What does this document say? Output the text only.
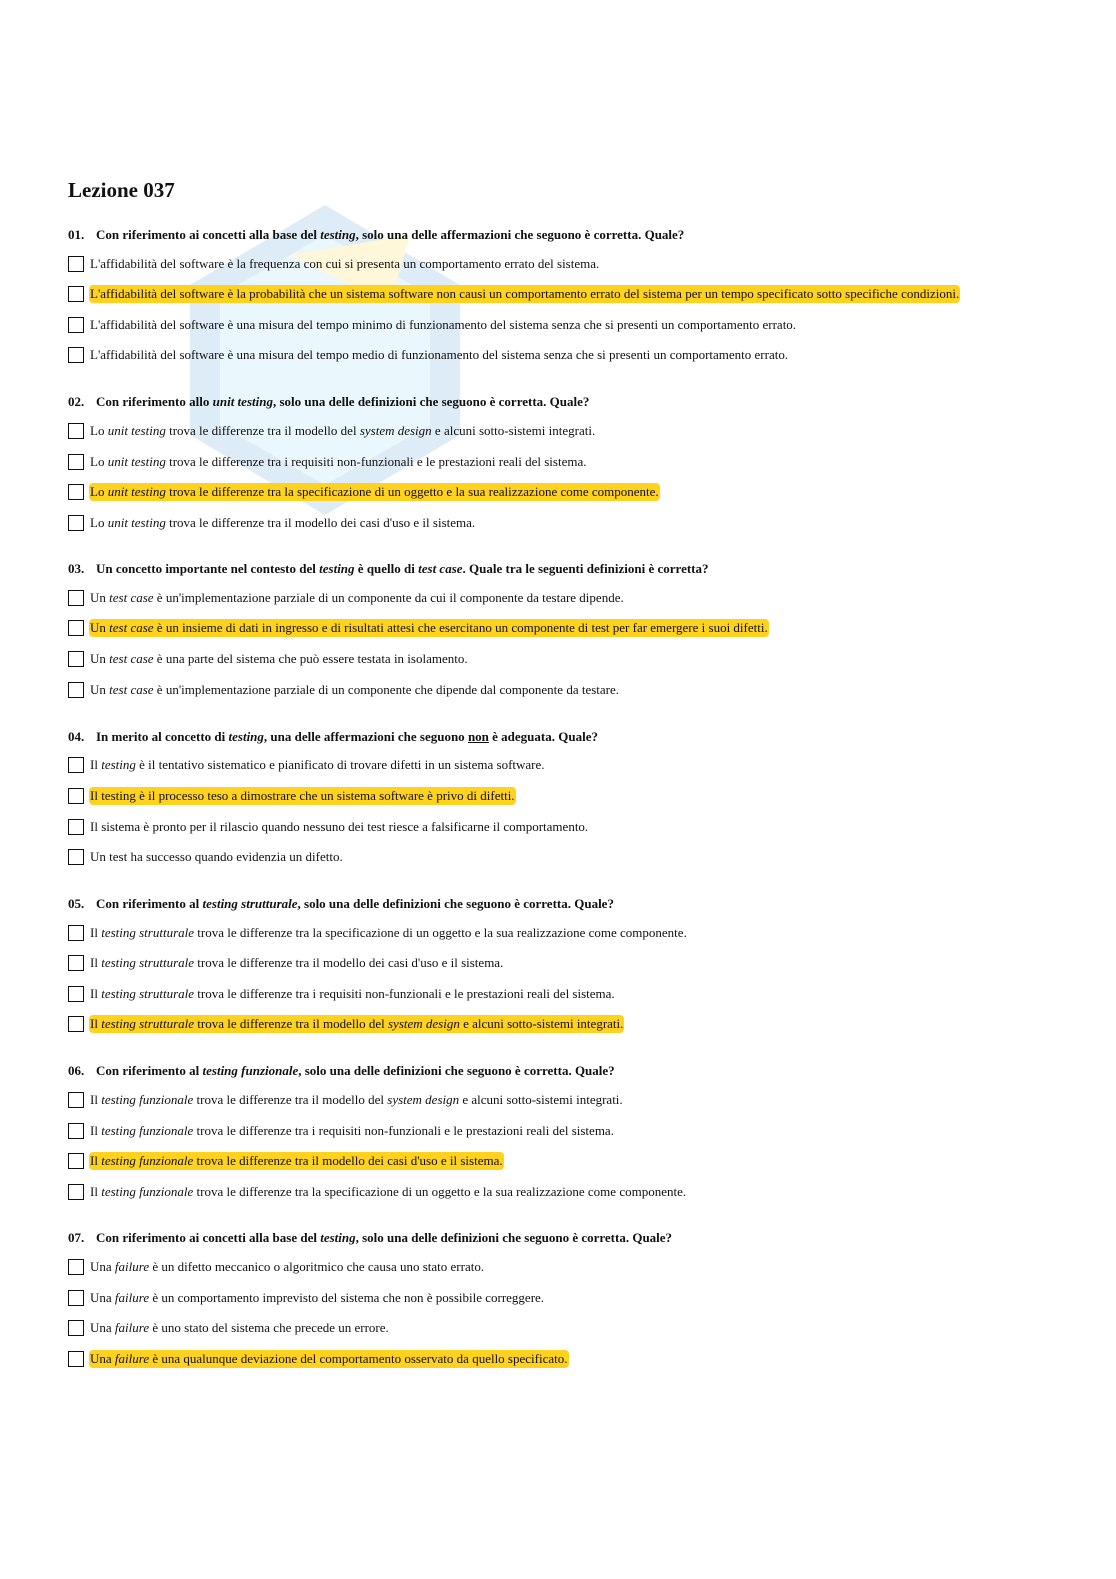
Lezione 037

01. Con riferimento ai concetti alla base del testing, solo una delle affermazioni che seguono è corretta. Quale?

L'affidabilità del software è la frequenza con cui si presenta un comportamento errato del sistema.
L'affidabilità del software è la probabilità che un sistema software non causi un comportamento errato del sistema per un tempo specificato sotto specifiche condizioni.
L'affidabilità del software è una misura del tempo minimo di funzionamento del sistema senza che si presenti un comportamento errato.
L'affidabilità del software è una misura del tempo medio di funzionamento del sistema senza che si presenti un comportamento errato.

02. Con riferimento allo unit testing, solo una delle definizioni che seguono è corretta. Quale?

Lo unit testing trova le differenze tra il modello del system design e alcuni sotto-sistemi integrati.
Lo unit testing trova le differenze tra i requisiti non-funzionali e le prestazioni reali del sistema.
Lo unit testing trova le differenze tra la specificazione di un oggetto e la sua realizzazione come componente.
Lo unit testing trova le differenze tra il modello dei casi d'uso e il sistema.

03. Un concetto importante nel contesto del testing è quello di test case. Quale tra le seguenti definizioni è corretta?

Un test case è un'implementazione parziale di un componente da cui il componente da testare dipende.
Un test case è un insieme di dati in ingresso e di risultati attesi che esercitano un componente di test per far emergere i suoi difetti.
Un test case è una parte del sistema che può essere testata in isolamento.
Un test case è un'implementazione parziale di un componente che dipende dal componente da testare.

04. In merito al concetto di testing, una delle affermazioni che seguono non è adeguata. Quale?

Il testing è il tentativo sistematico e pianificato di trovare difetti in un sistema software.
Il testing è il processo teso a dimostrare che un sistema software è privo di difetti.
Il sistema è pronto per il rilascio quando nessuno dei test riesce a falsificarne il comportamento.
Un test ha successo quando evidenzia un difetto.

05. Con riferimento al testing strutturale, solo una delle definizioni che seguono è corretta. Quale?

Il testing strutturale trova le differenze tra la specificazione di un oggetto e la sua realizzazione come componente.
Il testing strutturale trova le differenze tra il modello dei casi d'uso e il sistema.
Il testing strutturale trova le differenze tra i requisiti non-funzionali e le prestazioni reali del sistema.
Il testing strutturale trova le differenze tra il modello del system design e alcuni sotto-sistemi integrati.

06. Con riferimento al testing funzionale, solo una delle definizioni che seguono è corretta. Quale?

Il testing funzionale trova le differenze tra il modello del system design e alcuni sotto-sistemi integrati.
Il testing funzionale trova le differenze tra i requisiti non-funzionali e le prestazioni reali del sistema.
Il testing funzionale trova le differenze tra il modello dei casi d'uso e il sistema.
Il testing funzionale trova le differenze tra la specificazione di un oggetto e la sua realizzazione come componente.

07. Con riferimento ai concetti alla base del testing, solo una delle definizioni che seguono è corretta. Quale?

Una failure è un difetto meccanico o algoritmico che causa uno stato errato.
Una failure è un comportamento imprevisto del sistema che non è possibile correggere.
Una failure è uno stato del sistema che precede un errore.
Una failure è una qualunque deviazione del comportamento osservato da quello specificato.
